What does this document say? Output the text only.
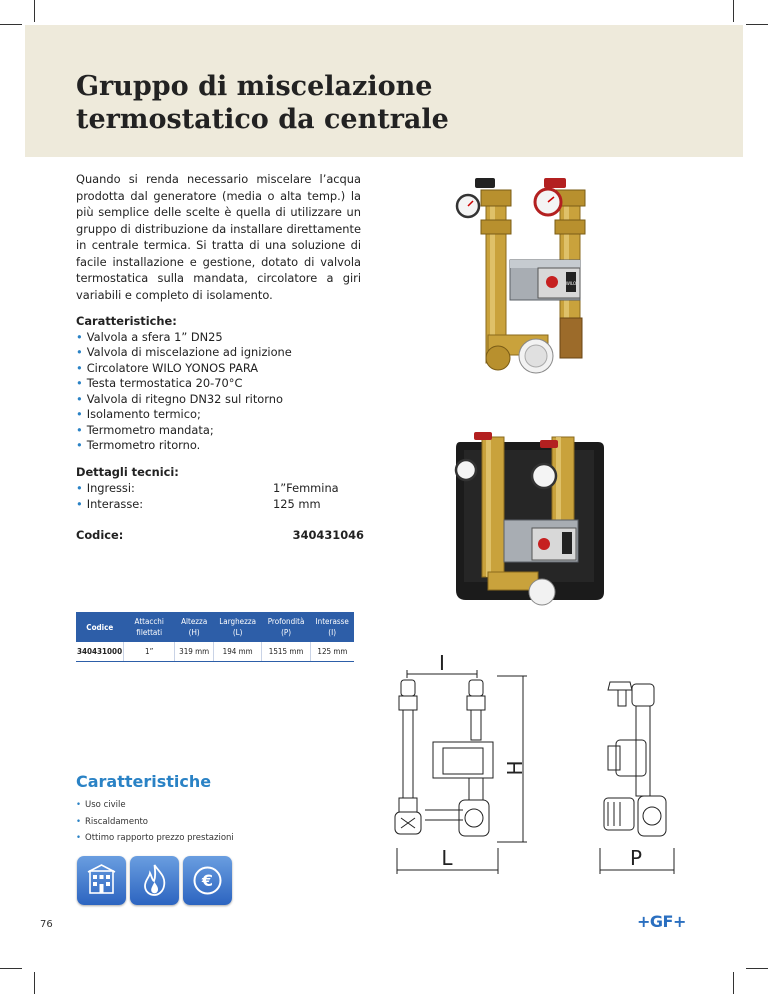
Gruppo di miscelazione termostatico da centrale

Quando si renda necessario miscelare l’acqua prodotta dal generatore (media o alta temp.) la più semplice delle scelte è quella di utilizzare un gruppo di distribuzione da installare direttamente in centrale termica. Si tratta di una soluzione di facile installazione e gestione, dotato di valvola termostatica sulla mandata, circolatore a giri variabili e completo di isolamento.

Caratteristiche:
• Valvola a sfera 1” DN25
• Valvola di miscelazione ad ignizione
• Circolatore WILO YONOS PARA
• Testa termostatica 20-70°C
• Valvola di ritegno DN32 sul ritorno
• Isolamento termico;
• Termometro mandata;
• Termometro ritorno.
Dettagli tecnici:
• Ingressi:	1”Femmina
• Interasse:	125 mm
Codice:	340431046
Codice	Attacchi filettati	Altezza (H)	Larghezza (L)	Profondità (P)	Interasse (I)
340431000	1”	319 mm	194 mm	1515 mm	125 mm
Caratteristiche
• Uso civile
• Riscaldamento
• Ottimo rapporto prezzo prestazioni
€
WILO
I
H
L	P
76	+GF+
